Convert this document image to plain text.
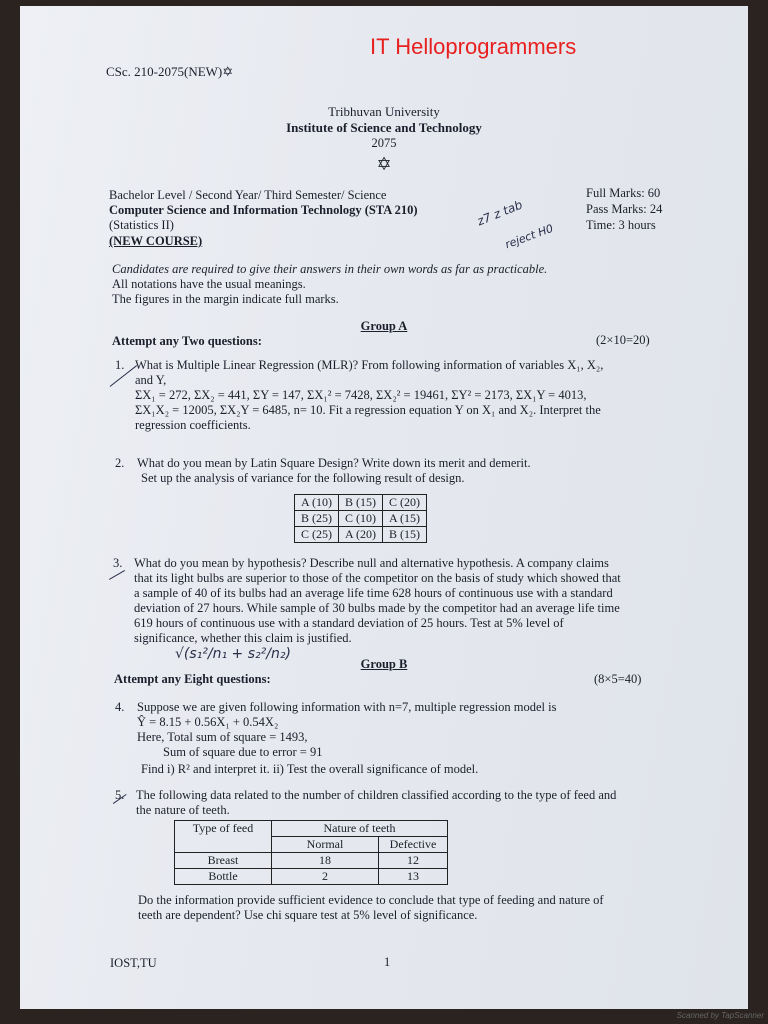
IT Helloprogrammers
CSc. 210-2075(NEW)✡
Tribhuvan University
Institute of Science and Technology
2075
✡
Bachelor Level / Second Year/ Third Semester/ Science
Computer Science and Information Technology (STA 210)
(Statistics II)
(NEW COURSE)
Full Marks: 60
Pass Marks: 24
Time: 3 hours
z7 z tab
reject H0
Candidates are required to give their answers in their own words as far as practicable.
All notations have the usual meanings.
The figures in the margin indicate full marks.
Group A
Attempt any Two questions:	(2×10=20)
1. What is Multiple Linear Regression (MLR)? From following information of variables X₁, X₂,

and Y,

ΣX₁ = 272, ΣX₂ = 441, ΣY = 147, ΣX₁² = 7428, ΣX₂² = 19461, ΣY² = 2173, ΣX₁Y = 4013,

ΣX₁X₂ = 12005, ΣX₂Y = 6485, n= 10. Fit a regression equation Y on X₁ and X₂. Interpret the

regression coefficients.

2. What do you mean by Latin Square Design? Write down its merit and demerit.

Set up the analysis of variance for the following result of design.

A (10)	B (15)	C (20)
B (25)	C (10)	A (15)
C (25)	A (20)	B (15)
3. What do you mean by hypothesis? Describe null and alternative hypothesis. A company claims

that its light bulbs are superior to those of the competitor on the basis of study which showed that

a sample of 40 of its bulbs had an average life time 628 hours of continuous use with a standard

deviation of 27 hours. While sample of 30 bulbs made by the competitor had an average life time

619 hours of continuous use with a standard deviation of 25 hours. Test at 5% level of

significance, whether this claim is justified.

√(s₁²/n₁ + s₂²/n₂)
Group B
Attempt any Eight questions:	(8×5=40)
4. Suppose we are given following information with n=7, multiple regression model is

Ŷ = 8.15 + 0.56X₁ + 0.54X₂

Here, Total sum of square = 1493,

Sum of square due to error = 91

Find i) R² and interpret it. ii) Test the overall significance of model.

5. The following data related to the number of children classified according to the type of feed and

the nature of teeth.

Type of feed	Nature of teeth	
	Normal	Defective
Breast	18	12
Bottle	2	13

Do the information provide sufficient evidence to conclude that type of feeding and nature of

teeth are dependent? Use chi square test at 5% level of significance.

IOST,TU	1
Scanned by TapScanner
